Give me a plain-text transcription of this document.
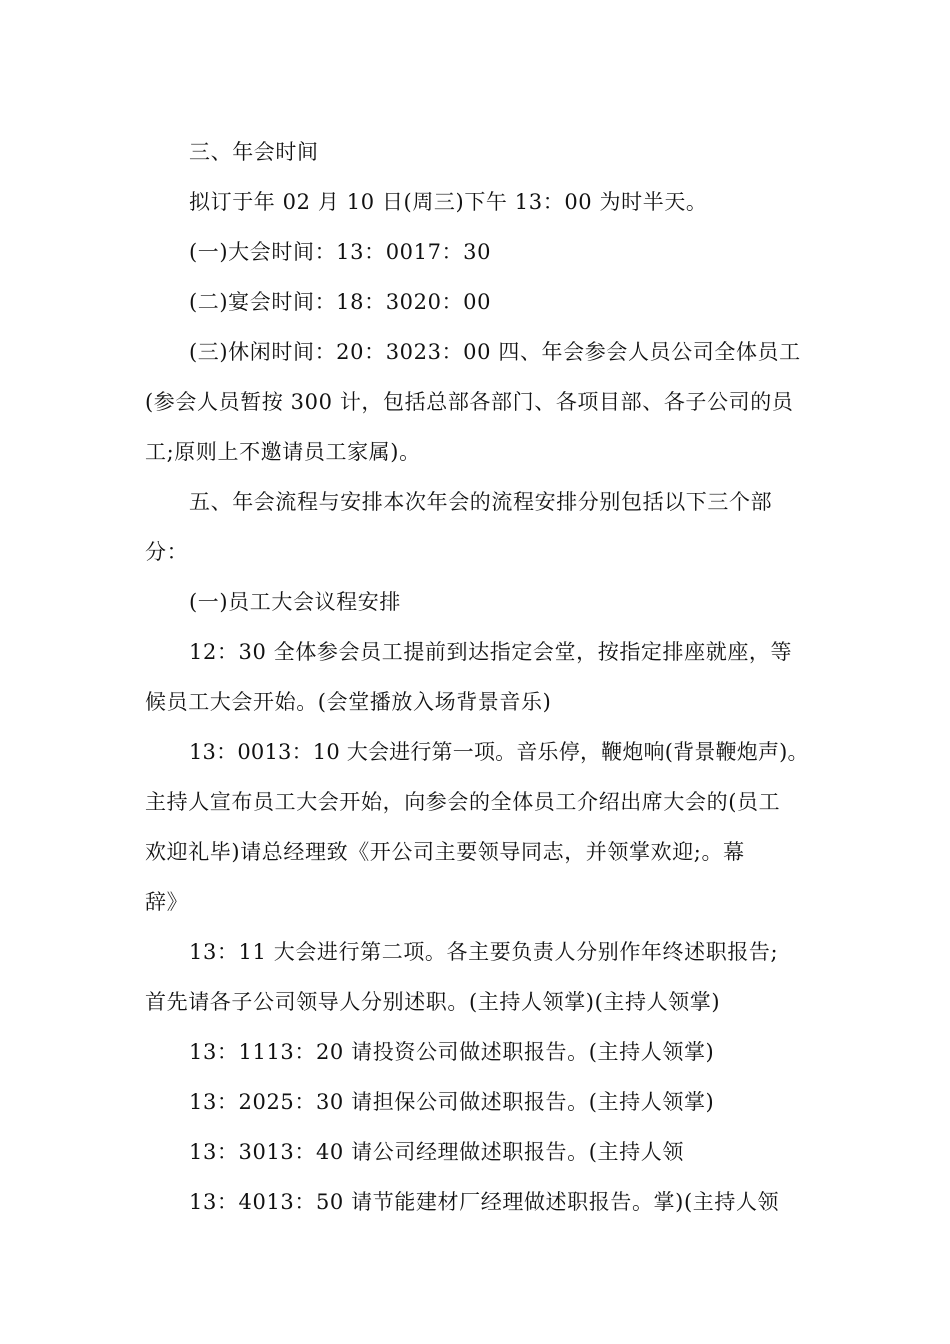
三、年会时间
拟订于年 02 月 10 日(周三)下午 13：00 为时半天。
(一)大会时间：13：0017：30
(二)宴会时间：18：3020：00
(三)休闲时间：20：3023：00 四、年会参会人员公司全体员工
(参会人员暂按 300 计，包括总部各部门、各项目部、各子公司的员
工;原则上不邀请员工家属)。
五、年会流程与安排本次年会的流程安排分别包括以下三个部
分：
(一)员工大会议程安排
12：30 全体参会员工提前到达指定会堂，按指定排座就座，等
候员工大会开始。(会堂播放入场背景音乐)
13：0013：10 大会进行第一项。音乐停，鞭炮响(背景鞭炮声)。
主持人宣布员工大会开始，向参会的全体员工介绍出席大会的(员工
欢迎礼毕)请总经理致《开公司主要领导同志，并领掌欢迎;。幕
辞》
13：11 大会进行第二项。各主要负责人分别作年终述职报告;
首先请各子公司领导人分别述职。(主持人领掌)(主持人领掌)
13：1113：20 请投资公司做述职报告。(主持人领掌)
13：2025：30 请担保公司做述职报告。(主持人领掌)
13：3013：40 请公司经理做述职报告。(主持人领
13：4013：50 请节能建材厂经理做述职报告。掌)(主持人领
